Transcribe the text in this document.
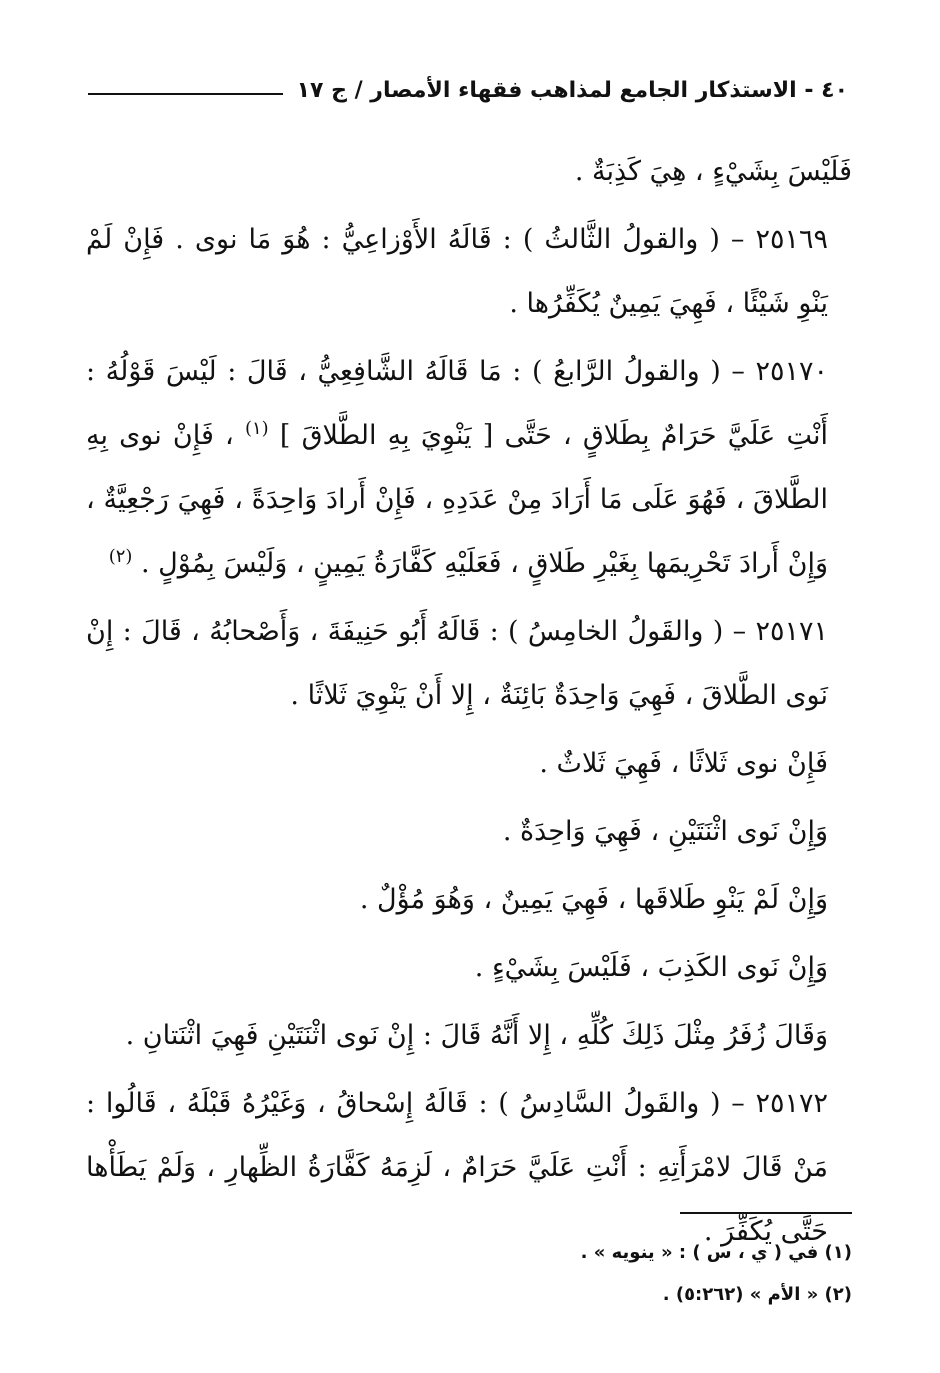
٤٠ - الاستذكار الجامع لمذاهب فقهاء الأمصار / ج ١٧

فَلَيْسَ بِشَيْءٍ ، هِيَ كَذِبَةٌ .

٢٥١٦٩ – ( والقولُ الثَّالثُ ) : قَالَهُ الأَوْزاعِيُّ : هُوَ مَا نوى . فَإِنْ لَمْ يَنْوِ شَيْئًا ، فَهِيَ يَمِينٌ يُكَفِّرُها .

٢٥١٧٠ – ( والقولُ الرَّابعُ ) : مَا قَالَهُ الشَّافِعِيُّ ، قَالَ : لَيْسَ قَوْلُهُ : أَنْتِ عَلَيَّ حَرَامٌ بِطَلاقٍ ، حَتَّى [ يَنْوِيَ بِهِ الطَّلاقَ ] $^{(١)}$ ، فَإِنْ نوى بِهِ الطَّلاقَ ، فَهُوَ عَلَى مَا أَرَادَ مِنْ عَدَدِهِ ، فَإِنْ أَرادَ وَاحِدَةً ، فَهِيَ رَجْعِيَّةٌ ، وَإِنْ أَرادَ تَحْرِيمَها بِغَيْرِ طَلاقٍ ، فَعَلَيْهِ كَفَّارَةُ يَمِينٍ ، وَلَيْسَ بِمُوْلٍ . $^{(٢)}$

٢٥١٧١ – ( والقَولُ الخامِسُ ) : قَالَهُ أَبُو حَنِيفَةَ ، وَأَصْحابُهُ ، قَالَ : إِنْ نَوى الطَّلاقَ ، فَهِيَ وَاحِدَةٌ بَائِنَةٌ ، إِلا أَنْ يَنْوِيَ ثَلاثًا .

فَإِنْ نوى ثَلاثًا ، فَهِيَ ثَلاثٌ .

وَإِنْ نَوى اثْنَتَيْنِ ، فَهِيَ وَاحِدَةٌ .

وَإِنْ لَمْ يَنْوِ طَلاقَها ، فَهِيَ يَمِينٌ ، وَهُوَ مُؤْلٌ .

وَإِنْ نَوى الكَذِبَ ، فَلَيْسَ بِشَيْءٍ .

وَقَالَ زُفَرُ مِثْلَ ذَلِكَ كُلِّهِ ، إِلا أَنَّهُ قَالَ : إِنْ نَوى اثْنَتَيْنِ فَهِيَ اثْنَتانِ .

٢٥١٧٢ – ( والقَولُ السَّادِسُ ) : قَالَهُ إِسْحاقُ ، وَغَيْرُهُ قَبْلَهُ ، قَالُوا : مَنْ قَالَ لامْرَأَتِهِ : أَنْتِ عَلَيَّ حَرَامٌ ، لَزِمَهُ كَفَّارَةُ الظِّهارِ ، وَلَمْ يَطَأْها حَتَّى يُكَفِّرَ .

(١) في ( ي ، س ) : « ينويه » .

(٢) « الأم » (٥:٢٦٢) .
